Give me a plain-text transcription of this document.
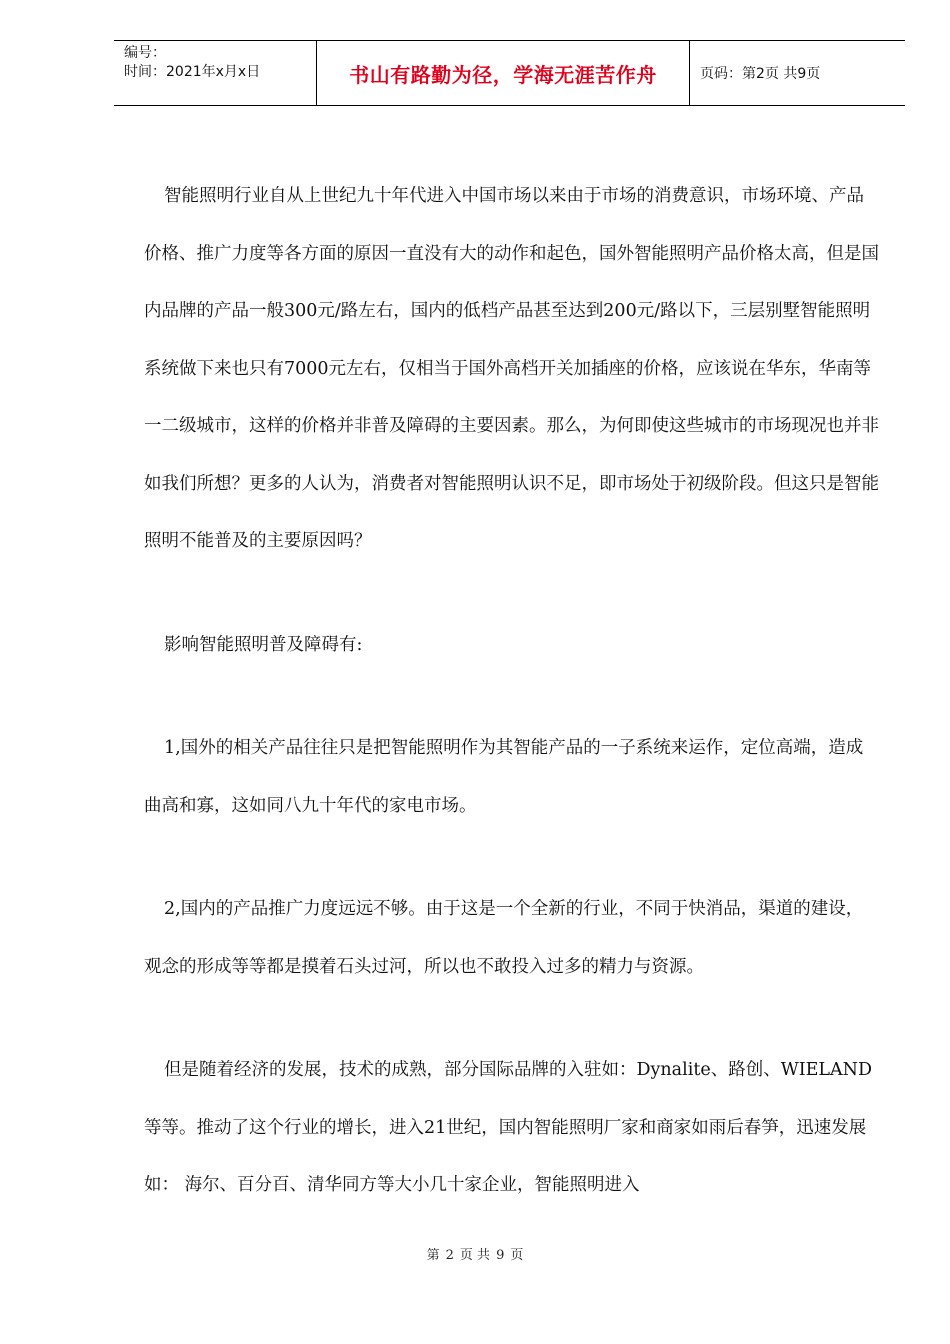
编号：
时间：2021年x月x日	书山有路勤为径，学海无涯苦作舟	页码：第2页 共9页

智能照明行业自从上世纪九十年代进入中国市场以来由于市场的消费意识，市场环境、产品价格、推广力度等各方面的原因一直没有大的动作和起色，国外智能照明产品价格太高，但是国内品牌的产品一般300元/路左右，国内的低档产品甚至达到200元/路以下，三层别墅智能照明系统做下来也只有7000元左右，仅相当于国外高档开关加插座的价格，应该说在华东，华南等一二级城市，这样的价格并非普及障碍的主要因素。那么，为何即使这些城市的市场现况也并非如我们所想？更多的人认为，消费者对智能照明认识不足，即市场处于初级阶段。但这只是智能照明不能普及的主要原因吗？

影响智能照明普及障碍有:

1,国外的相关产品往往只是把智能照明作为其智能产品的一子系统来运作，定位高端，造成曲高和寡，这如同八九十年代的家电市场。

2,国内的产品推广力度远远不够。由于这是一个全新的行业，不同于快消品，渠道的建设，观念的形成等等都是摸着石头过河，所以也不敢投入过多的精力与资源。

但是随着经济的发展，技术的成熟，部分国际品牌的入驻如：Dynalite、路创、WIELAND等等。推动了这个行业的增长，进入21世纪，国内智能照明厂家和商家如雨后春笋，迅速发展如： 海尔、百分百、清华同方等大小几十家企业，智能照明进入

第 2 页 共 9 页
